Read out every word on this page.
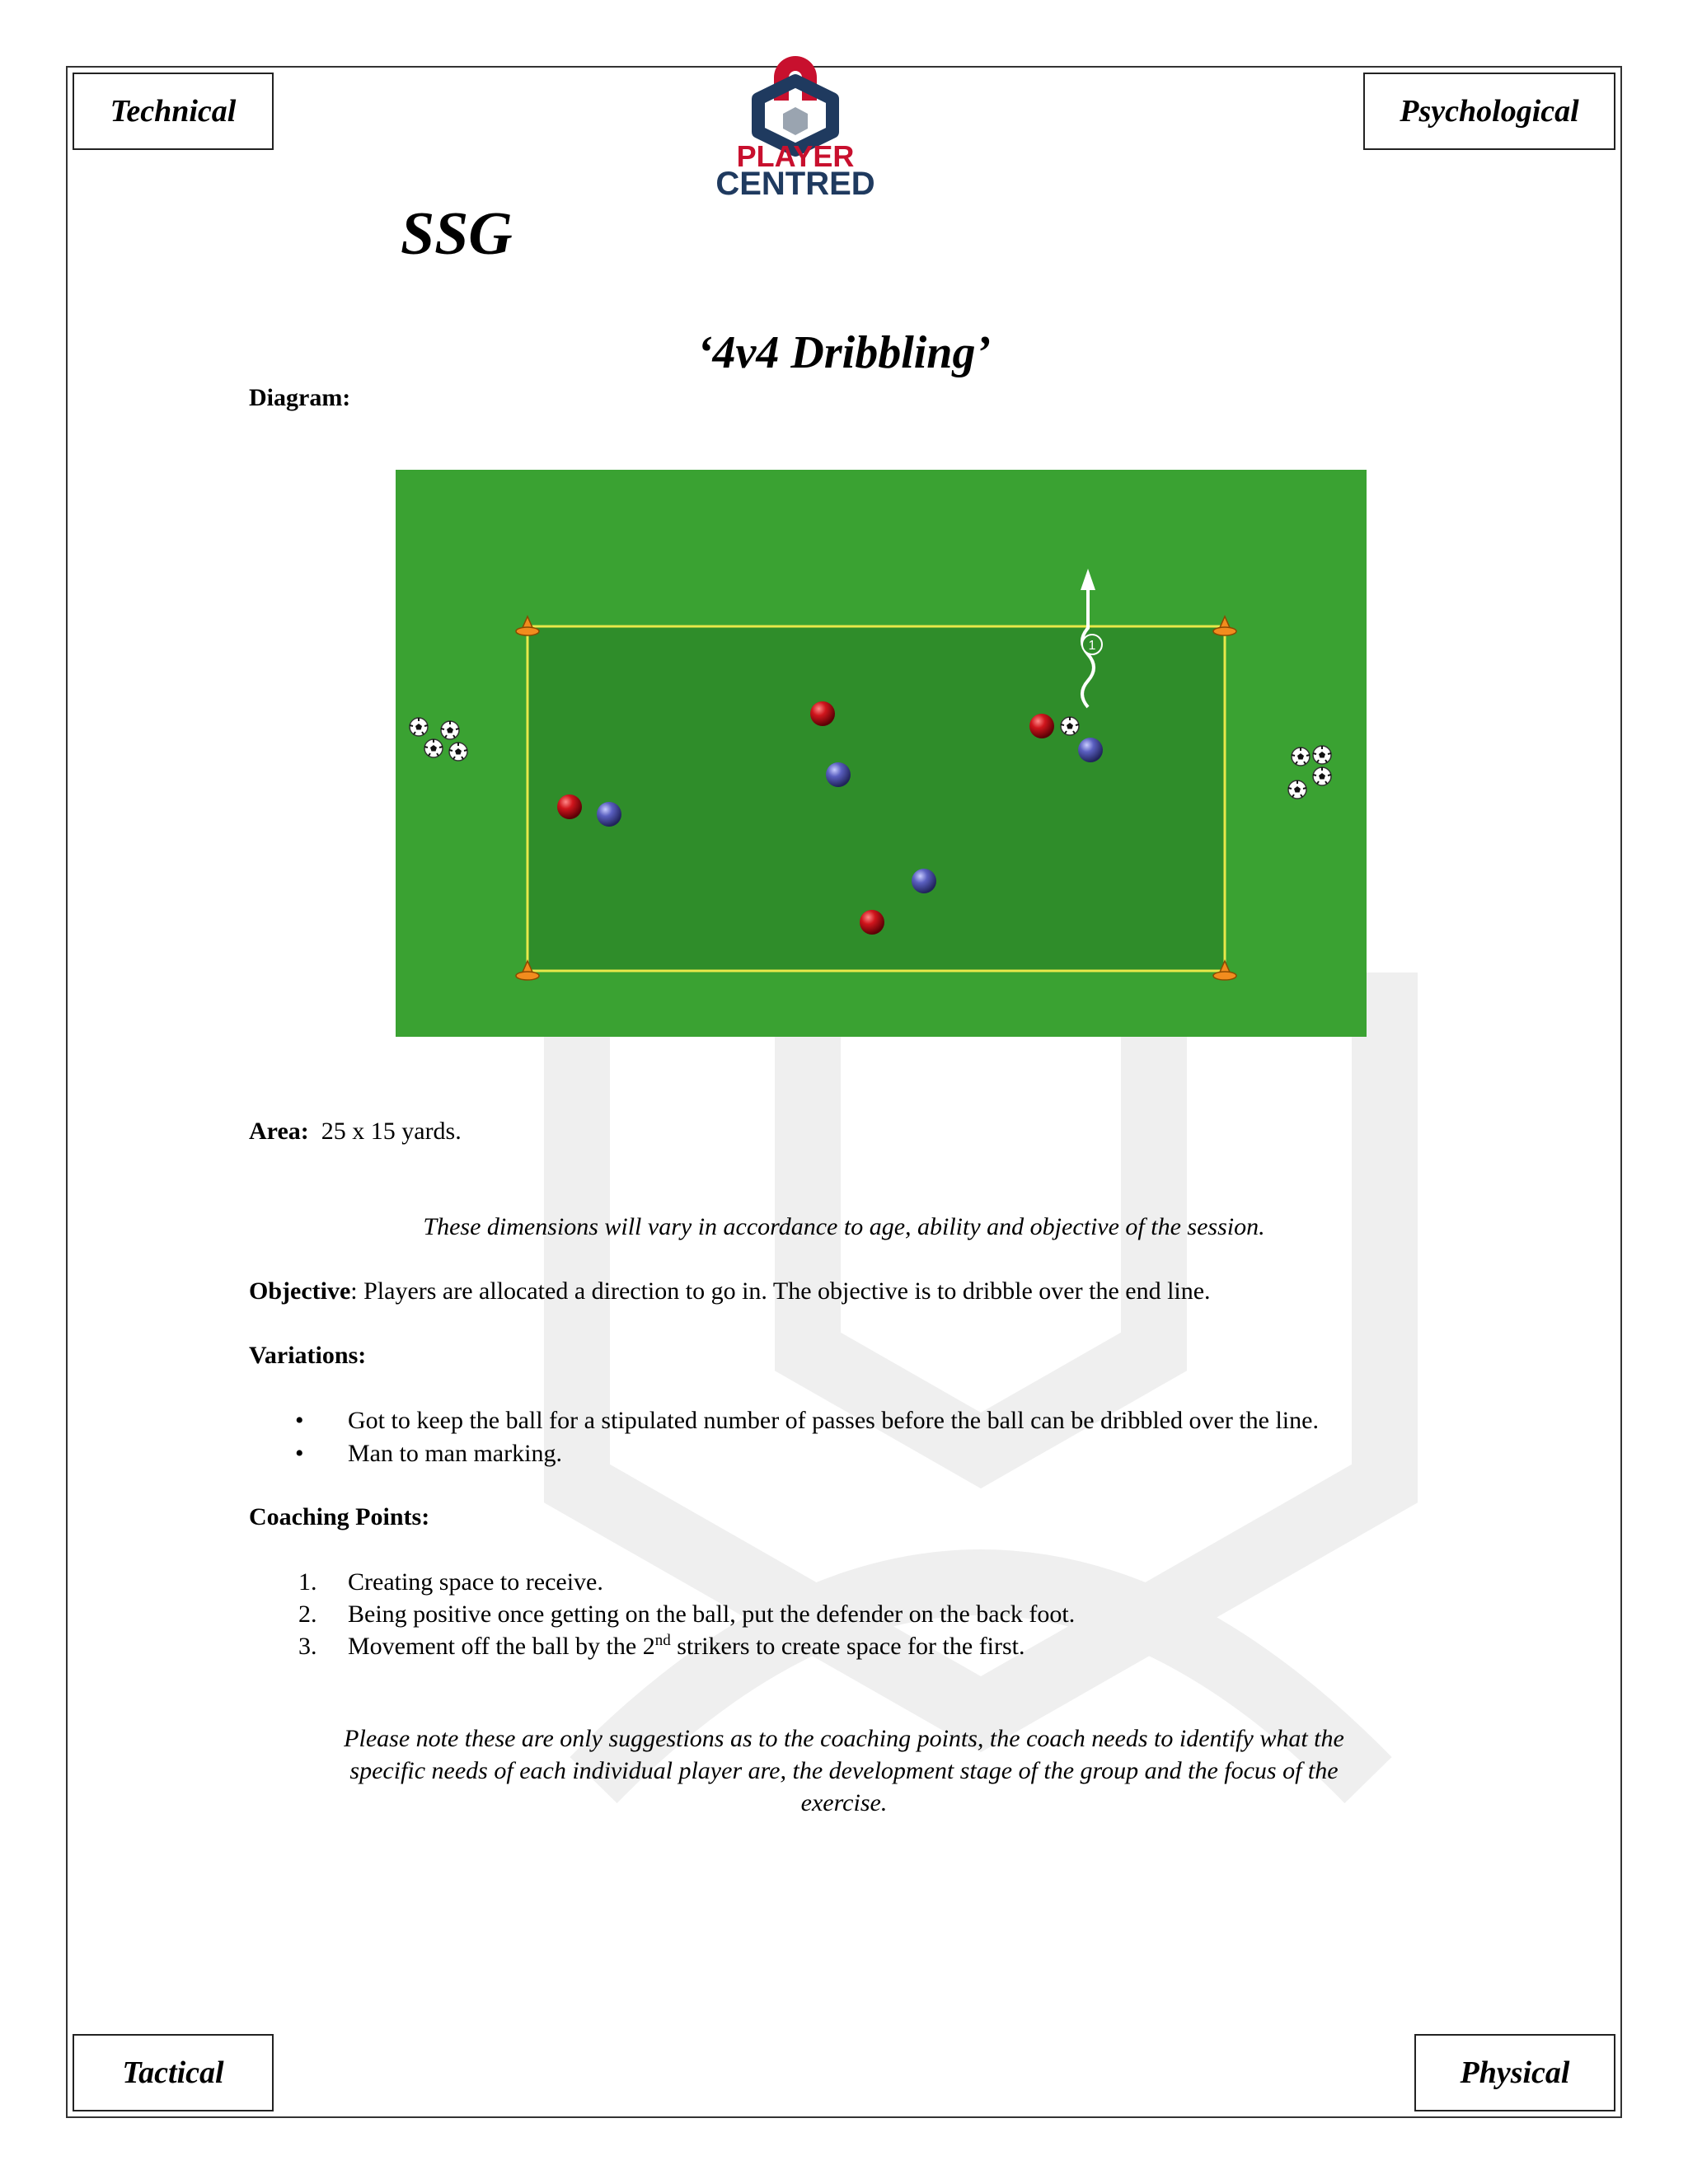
Technical	Psychological
Tactical	Physical
PLAYER
CENTRED
SSG
‘4v4 Dribbling’
Diagram:
1
Area: 25 x 15 yards.
These dimensions will vary in accordance to age, ability and objective of the session.
Objective: Players are allocated a direction to go in. The objective is to dribble over the end line.
Variations:
• Got to keep the ball for a stipulated number of passes before the ball can be dribbled over the line.
• Man to man marking.
Coaching Points:
1. Creating space to receive.
2. Being positive once getting on the ball, put the defender on the back foot.
3. Movement off the ball by the 2nd strikers to create space for the first.
Please note these are only suggestions as to the coaching points, the coach needs to identify what the
specific needs of each individual player are, the development stage of the group and the focus of the
exercise.
